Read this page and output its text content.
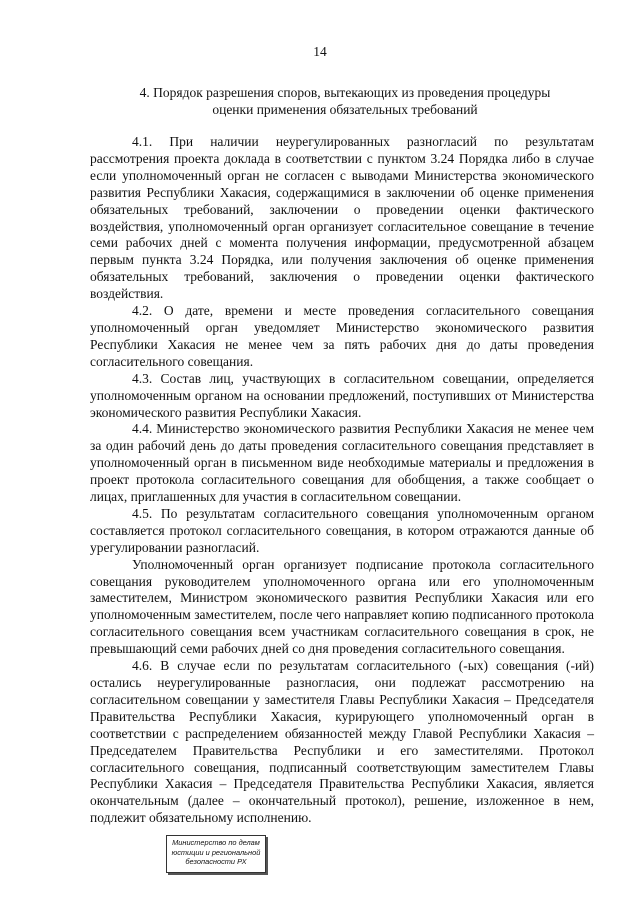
14
4. Порядок разрешения споров, вытекающих из проведения процедуры
оценки применения обязательных требований

4.1. При наличии неурегулированных разногласий по результатам рассмотрения проекта доклада в соответствии с пунктом 3.24 Порядка либо в случае если уполномоченный орган не согласен с выводами Министерства экономического развития Республики Хакасия, содержащимися в заключении об оценке применения обязательных требований, заключении о проведении оценки фактического воздействия, уполномоченный орган организует согласительное совещание в течение семи рабочих дней с момента получения информации, предусмотренной абзацем первым пункта 3.24 Порядка, или получения заключения об оценке применения обязательных требований, заключения о проведении оценки фактического воздействия.

4.2. О дате, времени и месте проведения согласительного совещания уполномоченный орган уведомляет Министерство экономического развития Республики Хакасия не менее чем за пять рабочих дня до даты проведения согласительного совещания.

4.3. Состав лиц, участвующих в согласительном совещании, определяется уполномоченным органом на основании предложений, поступивших от Министерства экономического развития Республики Хакасия.

4.4. Министерство экономического развития Республики Хакасия не менее чем за один рабочий день до даты проведения согласительного совещания представляет в уполномоченный орган в письменном виде необходимые материалы и предложения в проект протокола согласительного совещания для обобщения, а также сообщает о лицах, приглашенных для участия в согласительном совещании.

4.5. По результатам согласительного совещания уполномоченным органом составляется протокол согласительного совещания, в котором отражаются данные об урегулировании разногласий.

Уполномоченный орган организует подписание протокола согласительного совещания руководителем уполномоченного органа или его уполномоченным заместителем, Министром экономического развития Республики Хакасия или его уполномоченным заместителем, после чего направляет копию подписанного протокола согласительного совещания всем участникам согласительного совещания в срок, не превышающий семи рабочих дней со дня проведения согласительного совещания.

4.6. В случае если по результатам согласительного (-ых) совещания (-ий) остались неурегулированные разногласия, они подлежат рассмотрению на согласительном совещании у заместителя Главы Республики Хакасия – Председателя Правительства Республики Хакасия, курирующего уполномоченный орган в соответствии с распределением обязанностей между Главой Республики Хакасия – Председателем Правительства Республики и его заместителями. Протокол согласительного совещания, подписанный соответствующим заместителем Главы Республики Хакасия – Председателя Правительства Республики Хакасия, является окончательным (далее – окончательный протокол), решение, изложенное в нем, подлежит обязательному исполнению.

Министерство по делам
юстиции и региональной
безопасности РХ
